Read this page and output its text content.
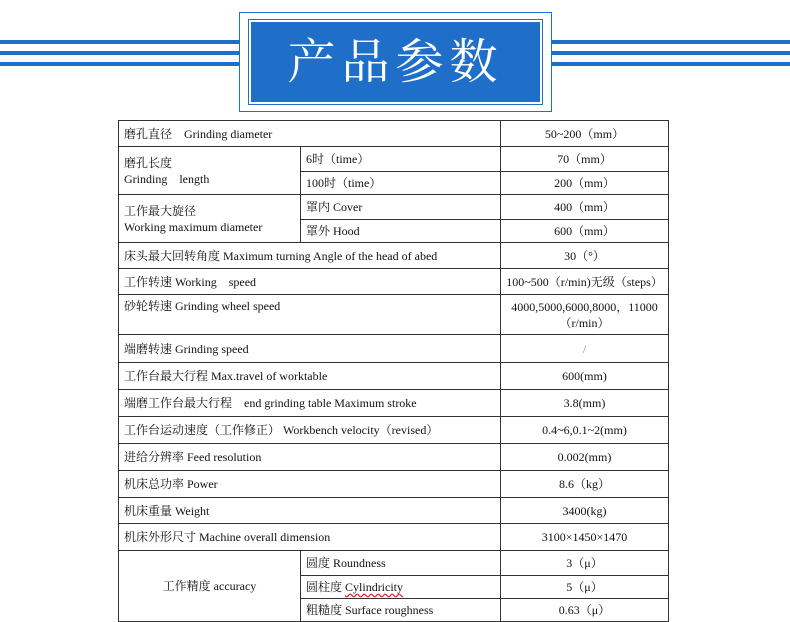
产品参数
磨孔直径　Grinding diameter		50~200（mm）

磨孔长度
Grinding　length	6时（time）	70（mm）
	100时（time）	200（mm）

工作最大旋径
Working maximum diameter	罩内 Cover	400（mm）
	罩外 Hood	600（mm）
床头最大回转角度 Maximum turning Angle of the head of abed		30（°）
工作转速 Working　speed		100~500（r/min)无级（steps）
砂轮转速 Grinding wheel speed		4000,5000,6000,8000，11000
（r/min）

端磨转速 Grinding speed		/
工作台最大行程 Max.travel of worktable		600(mm)
端磨工作台最大行程　end grinding table Maximum stroke		3.8(mm)
工作台运动速度（工作修正） Workbench velocity（revised）		0.4~6,0.1~2(mm)
进给分辨率 Feed resolution		0.002(mm)
机床总功率 Power		8.6（kg）
机床重量 Weight		3400(kg)
机床外形尺寸 Machine overall dimension		3100×1450×1470
工作精度 accuracy	圆度 Roundness	3（μ）
	圆柱度 Cylindricity	5（μ）
	粗糙度 Surface roughness	0.63（μ）
